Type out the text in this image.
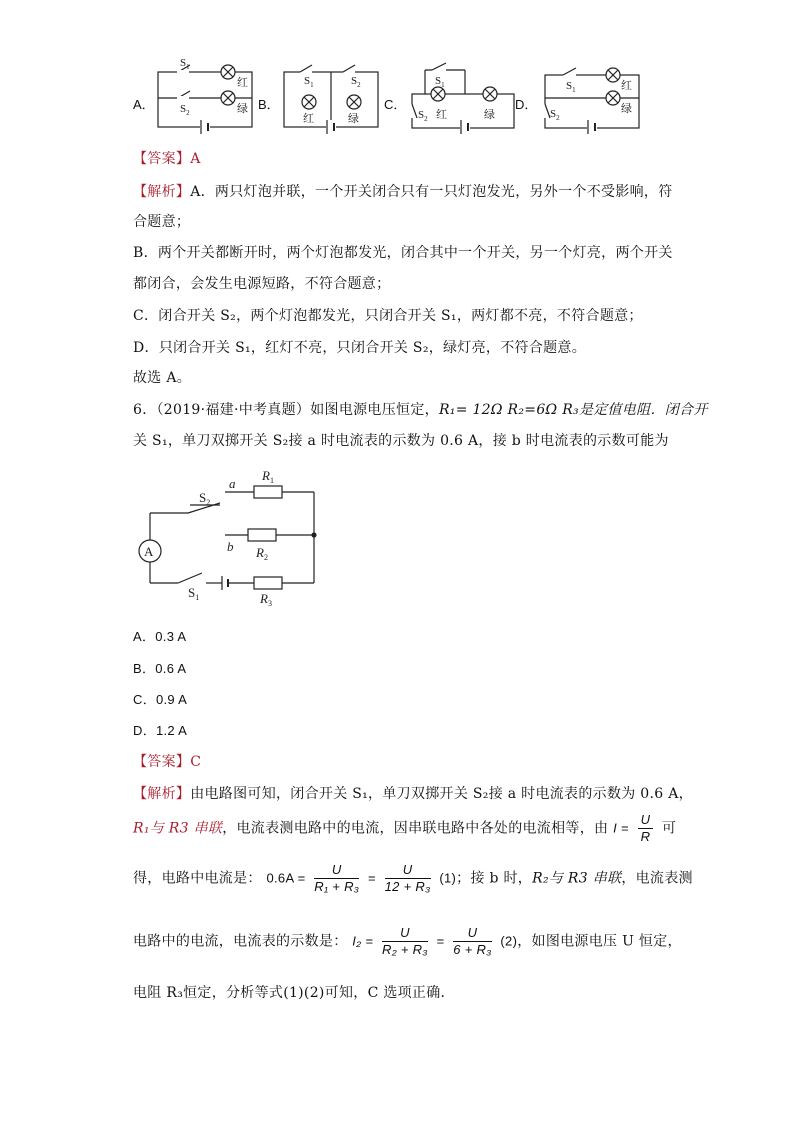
$S_1$
$S_2$
红
绿
$S_1$	$S_2$
红	绿
$S_1$
$S_2$ 红	绿
$S_1$
$S_2$
红
绿
A．	B．	C．	D．
【答案】A
【解析】A．两只灯泡并联，一个开关闭合只有一只灯泡发光，另外一个不受影响，符
合题意；
B．两个开关都断开时，两个灯泡都发光，闭合其中一个开关，另一个灯亮，两个开关
都闭合，会发生电源短路，不符合题意；
C．闭合开关 S₂，两个灯泡都发光，只闭合开关 S₁，两灯都不亮，不符合题意；
D．只闭合开关 S₁，红灯不亮，只闭合开关 S₂，绿灯亮，不符合题意。
故选 A。
6．（2019·福建·中考真题）如图电源电压恒定，R₁= 12Ω R₂=6Ω R₃是定值电阻．闭合开
关 S₁，单刀双掷开关 S₂接 a 时电流表的示数为 0.6 A，接 b 时电流表的示数可能为
A
a
b
$R_1$
$R_2$
$R_3$
$S_2$
$S_1$
A．0.3 A
B．0.6 A
C．0.9 A
D．1.2 A
【答案】C
【解析】由电路图可知，闭合开关 S₁，单刀双掷开关 S₂接 a 时电流表的示数为 0.6 A，
R₁与 R3 串联，电流表测电路中的电流，因串联电路中各处的电流相等，由 $I = \frac{U}{R}$ 可
得，电路中电流是： $0.6A = \frac{U}{\text{R₁ + R₃}} = \frac{U}{\text{12 + R₃}} (1)$；接 b 时，R₂与 R3 串联，电流表测
电路中的电流，电流表的示数是： $I_2 = \frac{U}{\text{R₂ + R₃}} = \frac{U}{\text{6 + R₃}} (2)$，如图电源电压 U 恒定，
电阻 R₃恒定，分析等式(1)(2)可知，C 选项正确．
